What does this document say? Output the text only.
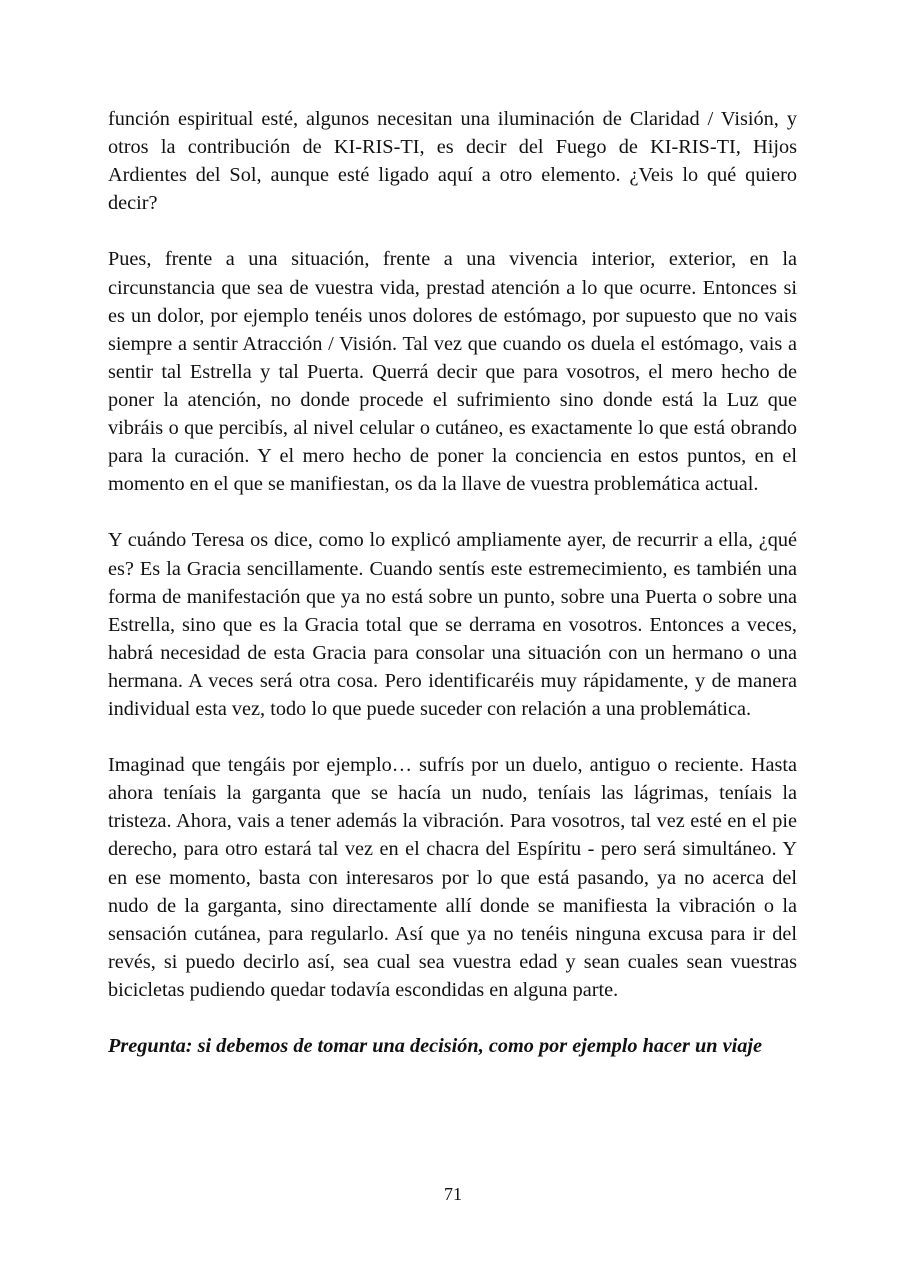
función espiritual esté, algunos necesitan una iluminación de Claridad / Visión, y otros la contribución de KI-RIS-TI, es decir del Fuego de KI-RIS-TI, Hijos Ardientes del Sol, aunque esté ligado aquí a otro elemento. ¿Veis lo qué quiero decir?

Pues, frente a una situación, frente a una vivencia interior, exterior, en la circunstancia que sea de vuestra vida, prestad atención a lo que ocurre. Entonces si es un dolor, por ejemplo tenéis unos dolores de estómago, por supuesto que no vais siempre a sentir Atracción / Visión. Tal vez que cuando os duela el estómago, vais a sentir tal Estrella y tal Puerta. Querrá decir que para vosotros, el mero hecho de poner la atención, no donde procede el sufrimiento sino donde está la Luz que vibráis o que percibís, al nivel celular o cutáneo, es exactamente lo que está obrando para la curación. Y el mero hecho de poner la conciencia en estos puntos, en el momento en el que se manifiestan, os da la llave de vuestra problemática actual.

Y cuándo Teresa os dice, como lo explicó ampliamente ayer, de recurrir a ella, ¿qué es? Es la Gracia sencillamente. Cuando sentís este estremecimiento, es también una forma de manifestación que ya no está sobre un punto, sobre una Puerta o sobre una Estrella, sino que es la Gracia total que se derrama en vosotros. Entonces a veces, habrá necesidad de esta Gracia para consolar una situación con un hermano o una hermana. A veces será otra cosa. Pero identificaréis muy rápidamente, y de manera individual esta vez, todo lo que puede suceder con relación a una problemática.

Imaginad que tengáis por ejemplo… sufrís por un duelo, antiguo o reciente. Hasta ahora teníais la garganta que se hacía un nudo, teníais las lágrimas, teníais la tristeza. Ahora, vais a tener además la vibración. Para vosotros, tal vez esté en el pie derecho, para otro estará tal vez en el chacra del Espíritu - pero será simultáneo. Y en ese momento, basta con interesaros por lo que está pasando, ya no acerca del nudo de la garganta, sino directamente allí donde se manifiesta la vibración o la sensación cutánea, para regularlo. Así que ya no tenéis ninguna excusa para ir del revés, si puedo decirlo así, sea cual sea vuestra edad y sean cuales sean vuestras bicicletas pudiendo quedar todavía escondidas en alguna parte.

Pregunta: si debemos de tomar una decisión, como por ejemplo hacer un viaje

71
